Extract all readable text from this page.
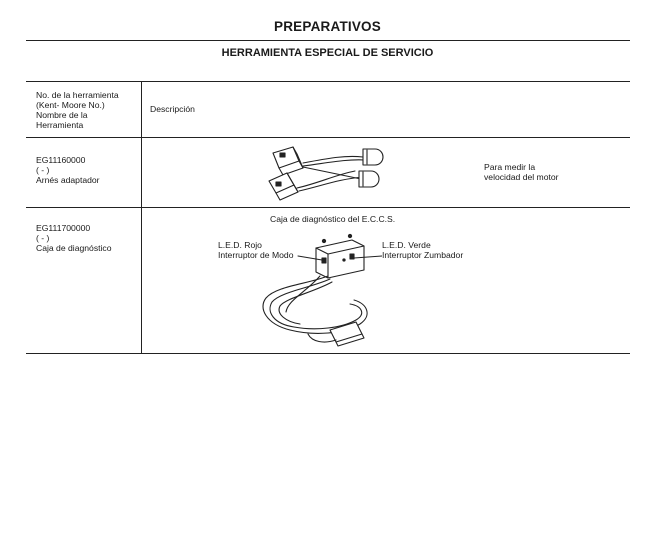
PREPARATIVOS
HERRAMIENTA ESPECIAL DE SERVICIO
No. de la herramienta
(Kent- Moore No.)
Nombre de la
Herramienta
Descripción
EG11160000
( - )
Arnés adaptador
Para medir la
velocidad del motor
EG111700000
( - )
Caja de diagnóstico
Caja de diagnóstico del E.C.C.S.
L.E.D. Rojo
Interruptor de Modo
L.E.D. Verde
Interruptor Zumbador
